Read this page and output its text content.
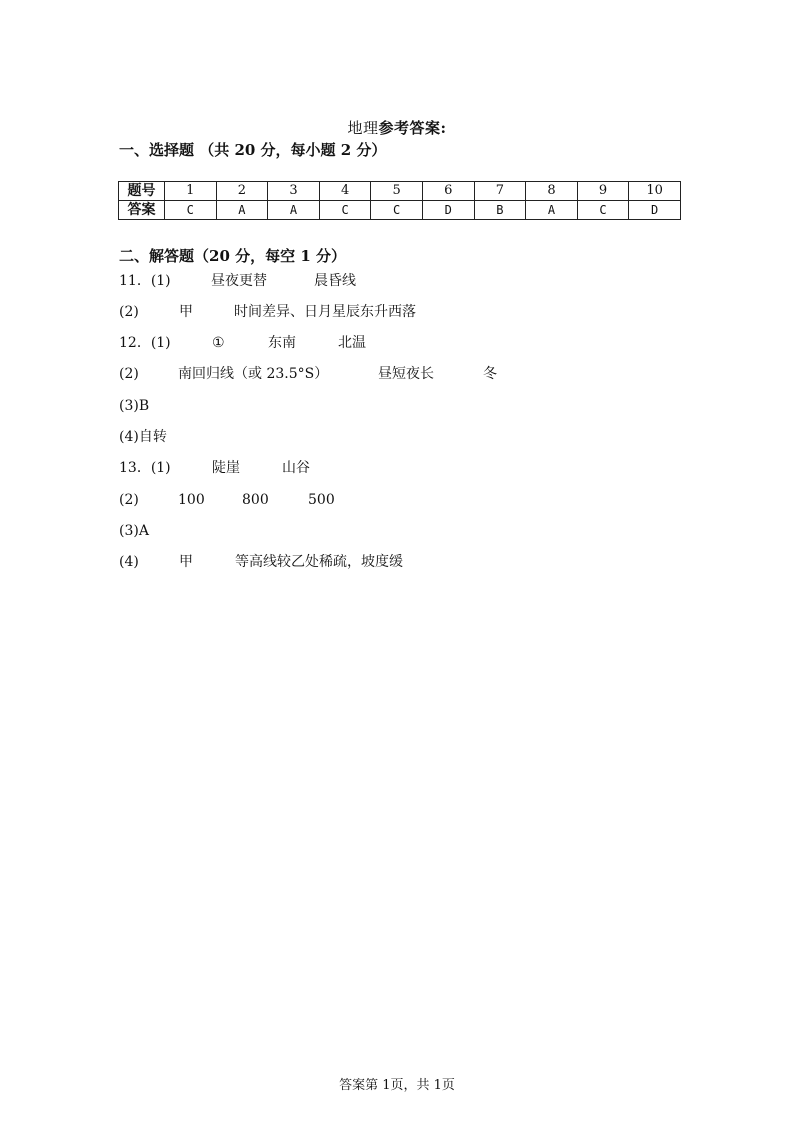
地理参考答案:
一、选择题 （共 20 分，每小题 2 分）
题号	1	2	3	4	5	6	7	8	9	10
答案	C	A	A	C	C	D	B	A	C	D
二、解答题（20 分，每空 1 分）
11．(1)	昼夜更替	晨昏线
(2)	甲	时间差异、日月星辰东升西落
12．(1)	①	东南	北温
(2)	南回归线（或 23.5°S）	昼短夜长	冬
(3)B
(4)自转
13．(1)	陡崖	山谷
(2)	100	800	500
(3)A
(4)	甲	等高线较乙处稀疏，坡度缓
答案第 1页，共 1页
